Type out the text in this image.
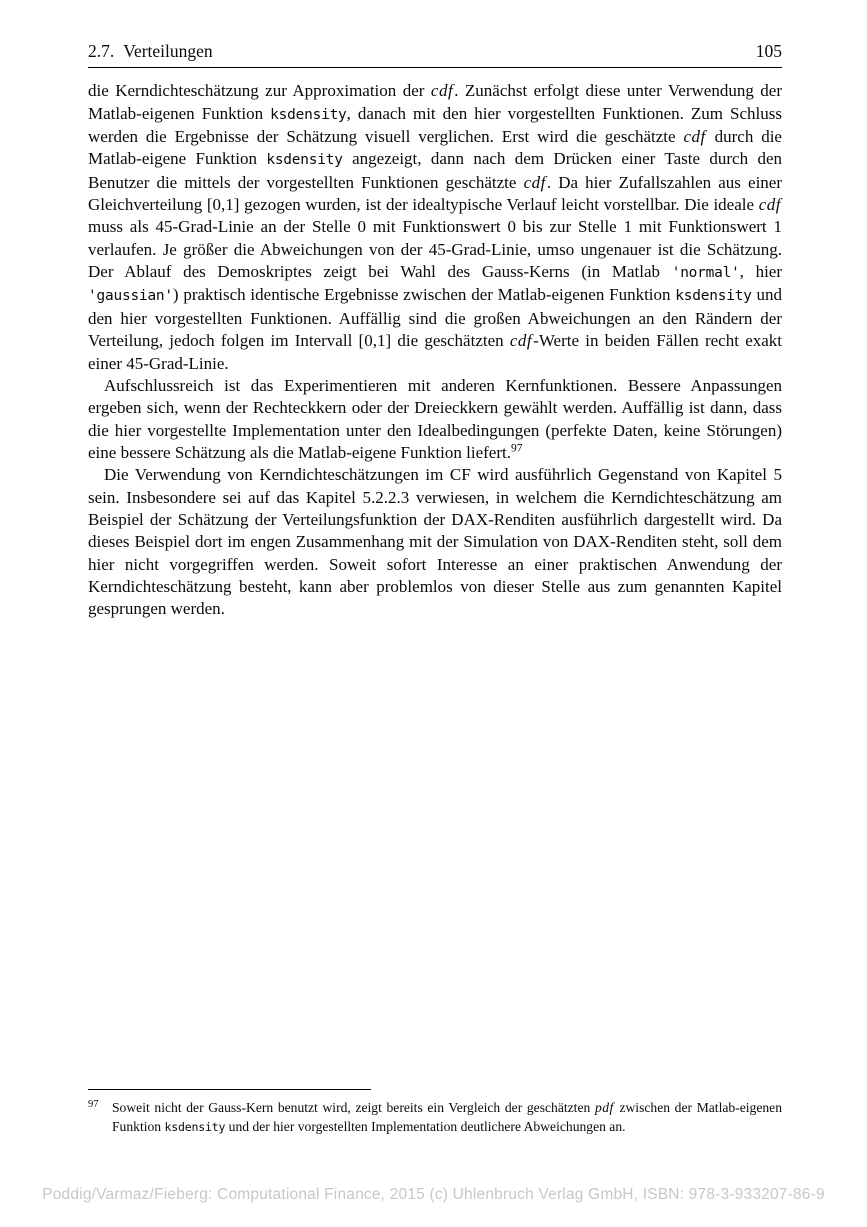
2.7. Verteilungen	105

die Kerndichteschätzung zur Approximation der cdf. Zunächst erfolgt diese unter Verwendung der Matlab-eigenen Funktion ksdensity, danach mit den hier vorgestellten Funktionen. Zum Schluss werden die Ergebnisse der Schätzung visuell verglichen. Erst wird die geschätzte cdf durch die Matlab-eigene Funktion ksdensity angezeigt, dann nach dem Drücken einer Taste durch den Benutzer die mittels der vorgestellten Funktionen geschätzte cdf. Da hier Zufallszahlen aus einer Gleichverteilung [0,1] gezogen wurden, ist der idealtypische Verlauf leicht vorstellbar. Die ideale cdf muss als 45-Grad-Linie an der Stelle 0 mit Funktionswert 0 bis zur Stelle 1 mit Funktionswert 1 verlaufen. Je größer die Abweichungen von der 45-Grad-Linie, umso ungenauer ist die Schätzung. Der Ablauf des Demoskriptes zeigt bei Wahl des Gauss-Kerns (in Matlab 'normal', hier 'gaussian') praktisch identische Ergebnisse zwischen der Matlab-eigenen Funktion ksdensity und den hier vorgestellten Funktionen. Auffällig sind die großen Abweichungen an den Rändern der Verteilung, jedoch folgen im Intervall [0,1] die geschätzten cdf-Werte in beiden Fällen recht exakt einer 45-Grad-Linie.

Aufschlussreich ist das Experimentieren mit anderen Kernfunktionen. Bessere Anpassungen ergeben sich, wenn der Rechteckkern oder der Dreieckkern gewählt werden. Auffällig ist dann, dass die hier vorgestellte Implementation unter den Idealbedingungen (perfekte Daten, keine Störungen) eine bessere Schätzung als die Matlab-eigene Funktion liefert.$^{97}$

Die Verwendung von Kerndichteschätzungen im CF wird ausführlich Gegenstand von Kapitel 5 sein. Insbesondere sei auf das Kapitel 5.2.2.3 verwiesen, in welchem die Kerndichteschätzung am Beispiel der Schätzung der Verteilungsfunktion der DAX-Renditen ausführlich dargestellt wird. Da dieses Beispiel dort im engen Zusammenhang mit der Simulation von DAX-Renditen steht, soll dem hier nicht vorgegriffen werden. Soweit sofort Interesse an einer praktischen Anwendung der Kerndichteschätzung besteht, kann aber problemlos von dieser Stelle aus zum genannten Kapitel gesprungen werden.

97 Soweit nicht der Gauss-Kern benutzt wird, zeigt bereits ein Vergleich der geschätzten pdf zwischen der Matlab-eigenen Funktion ksdensity und der hier vorgestellten Implementation deutlichere Abweichungen an.
Poddig/Varmaz/Fieberg: Computational Finance, 2015 (c) Uhlenbruch Verlag GmbH, ISBN: 978-3-933207-86-9
